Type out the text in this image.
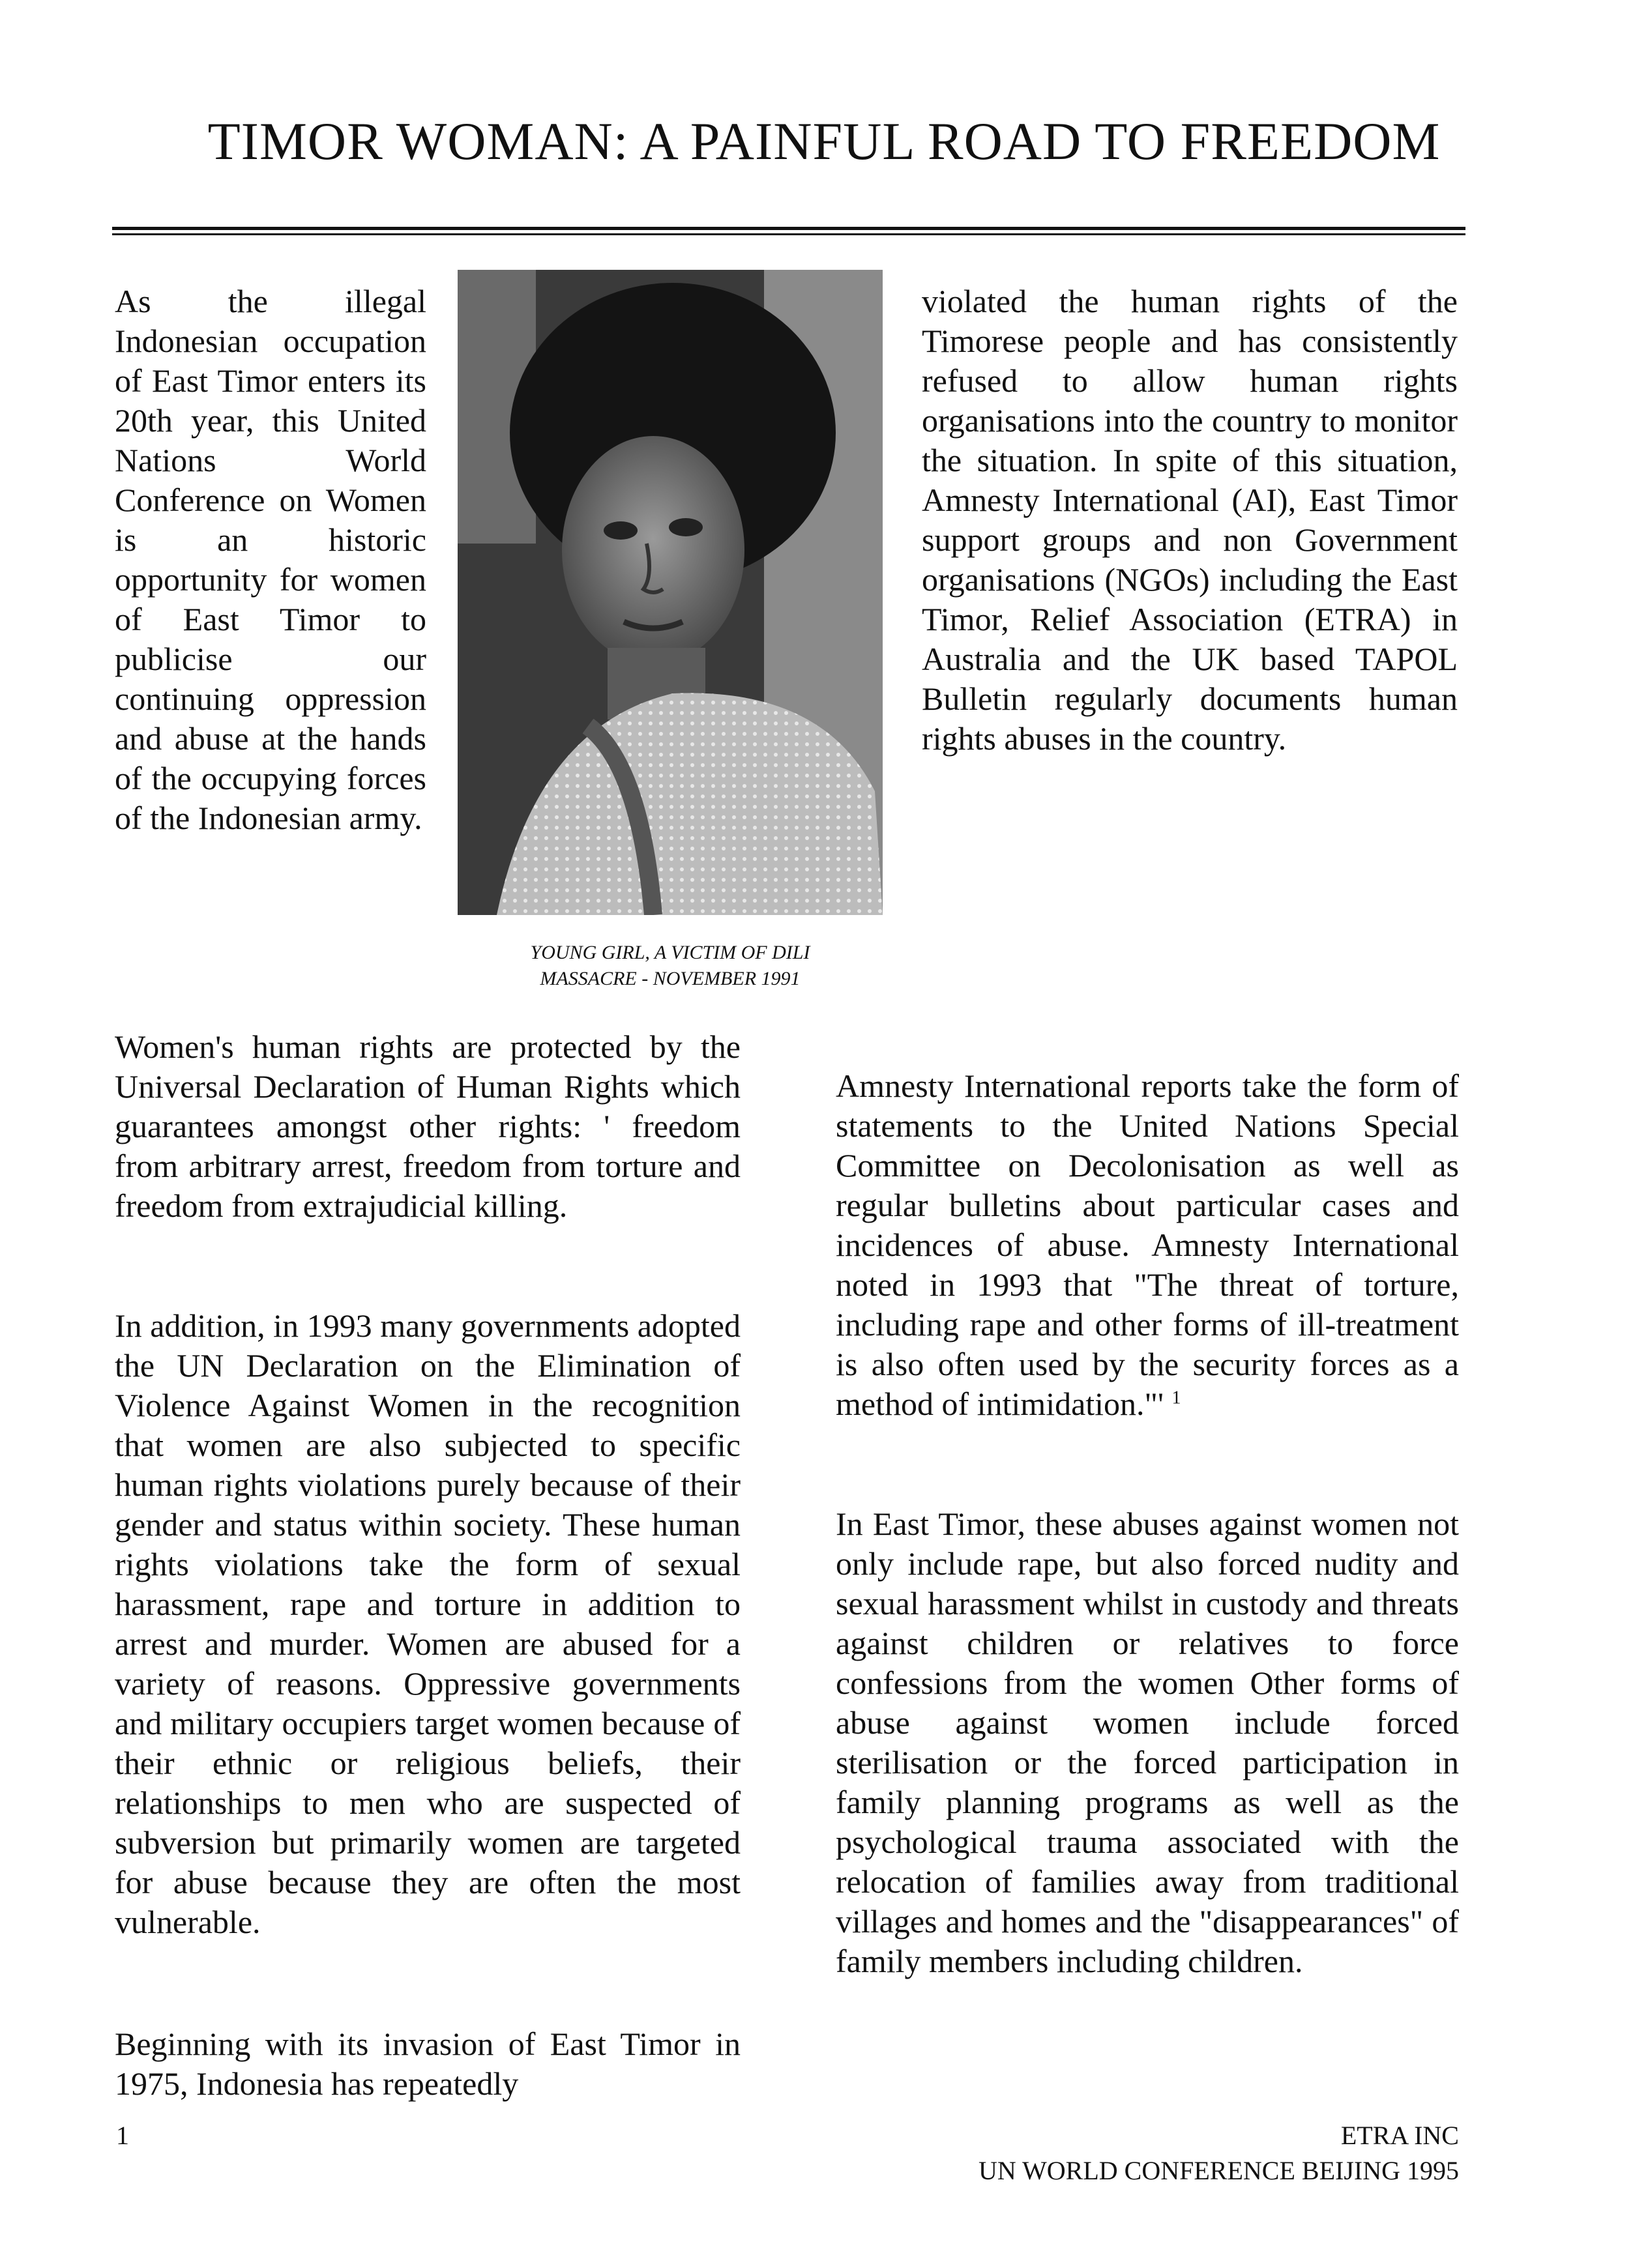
TIMOR WOMAN: A PAINFUL ROAD TO FREEDOM

As the illegal Indonesian occupation of East Timor enters its 20th year, this United Nations World Conference on Women is an historic opportunity for women of East Timor to publicise our continuing oppression and abuse at the hands of the occupying forces of the Indonesian army.

YOUNG GIRL, A VICTIM OF DILI
MASSACRE - NOVEMBER 1991

violated the human rights of the Timorese people and has consistently refused to allow human rights organisations into the country to monitor the situation. In spite of this situation, Amnesty International (AI), East Timor support groups and non Government organisations (NGOs) including the East Timor, Relief Association (ETRA) in Australia and the UK based TAPOL Bulletin regularly documents human rights abuses in the country.

Women's human rights are protected by the Universal Declaration of Human Rights which guarantees amongst other rights: ' freedom from arbitrary arrest, freedom from torture and freedom from extrajudicial killing.

In addition, in 1993 many governments adopted the UN Declaration on the Elimination of Violence Against Women in the recognition that women are also subjected to specific human rights violations purely because of their gender and status within society. These human rights violations take the form of sexual harassment, rape and torture in addition to arrest and murder. Women are abused for a variety of reasons. Oppressive governments and military occupiers target women because of their ethnic or religious beliefs, their relationships to men who are suspected of subversion but primarily women are targeted for abuse because they are often the most vulnerable.

Beginning with its invasion of East Timor in 1975, Indonesia has repeatedly

Amnesty International reports take the form of statements to the United Nations Special Committee on Decolonisation as well as regular bulletins about particular cases and incidences of abuse. Amnesty International noted in 1993 that "The threat of torture, including rape and other forms of ill-treatment is also often used by the security forces as a method of intimidation."' $^1$

In East Timor, these abuses against women not only include rape, but also forced nudity and sexual harassment whilst in custody and threats against children or relatives to force confessions from the women Other forms of abuse against women include forced sterilisation or the forced participation in family planning programs as well as the psychological trauma associated with the relocation of families away from traditional villages and homes and the "disappearances" of family members including children.

1	ETRA INC
UN WORLD CONFERENCE BEIJING 1995
